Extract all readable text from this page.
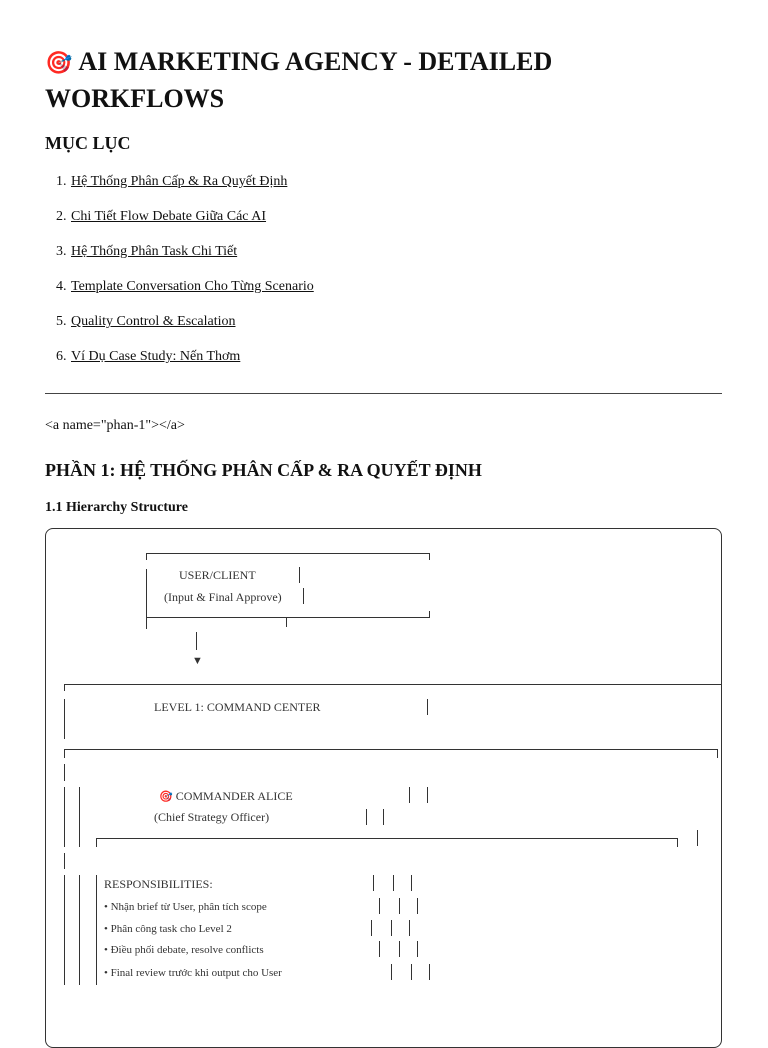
🎯 AI MARKETING AGENCY - DETAILED WORKFLOWS
MỤC LỤC
1. Hệ Thống Phân Cấp & Ra Quyết Định
2. Chi Tiết Flow Debate Giữa Các AI
3. Hệ Thống Phân Task Chi Tiết
4. Template Conversation Cho Từng Scenario
5. Quality Control & Escalation
6. Ví Dụ Case Study: Nến Thơm
<a name="phan-1"></a>
PHẦN 1: HỆ THỐNG PHÂN CẤP & RA QUYẾT ĐỊNH
1.1 Hierarchy Structure
USER/CLIENT
(Input & Final Approve)
▼
LEVEL 1: COMMAND CENTER
🎯 COMMANDER ALICE
(Chief Strategy Officer)
RESPONSIBILITIES:
• Nhận brief từ User, phân tích scope
• Phân công task cho Level 2
• Điều phối debate, resolve conflicts
• Final review trước khi output cho User
